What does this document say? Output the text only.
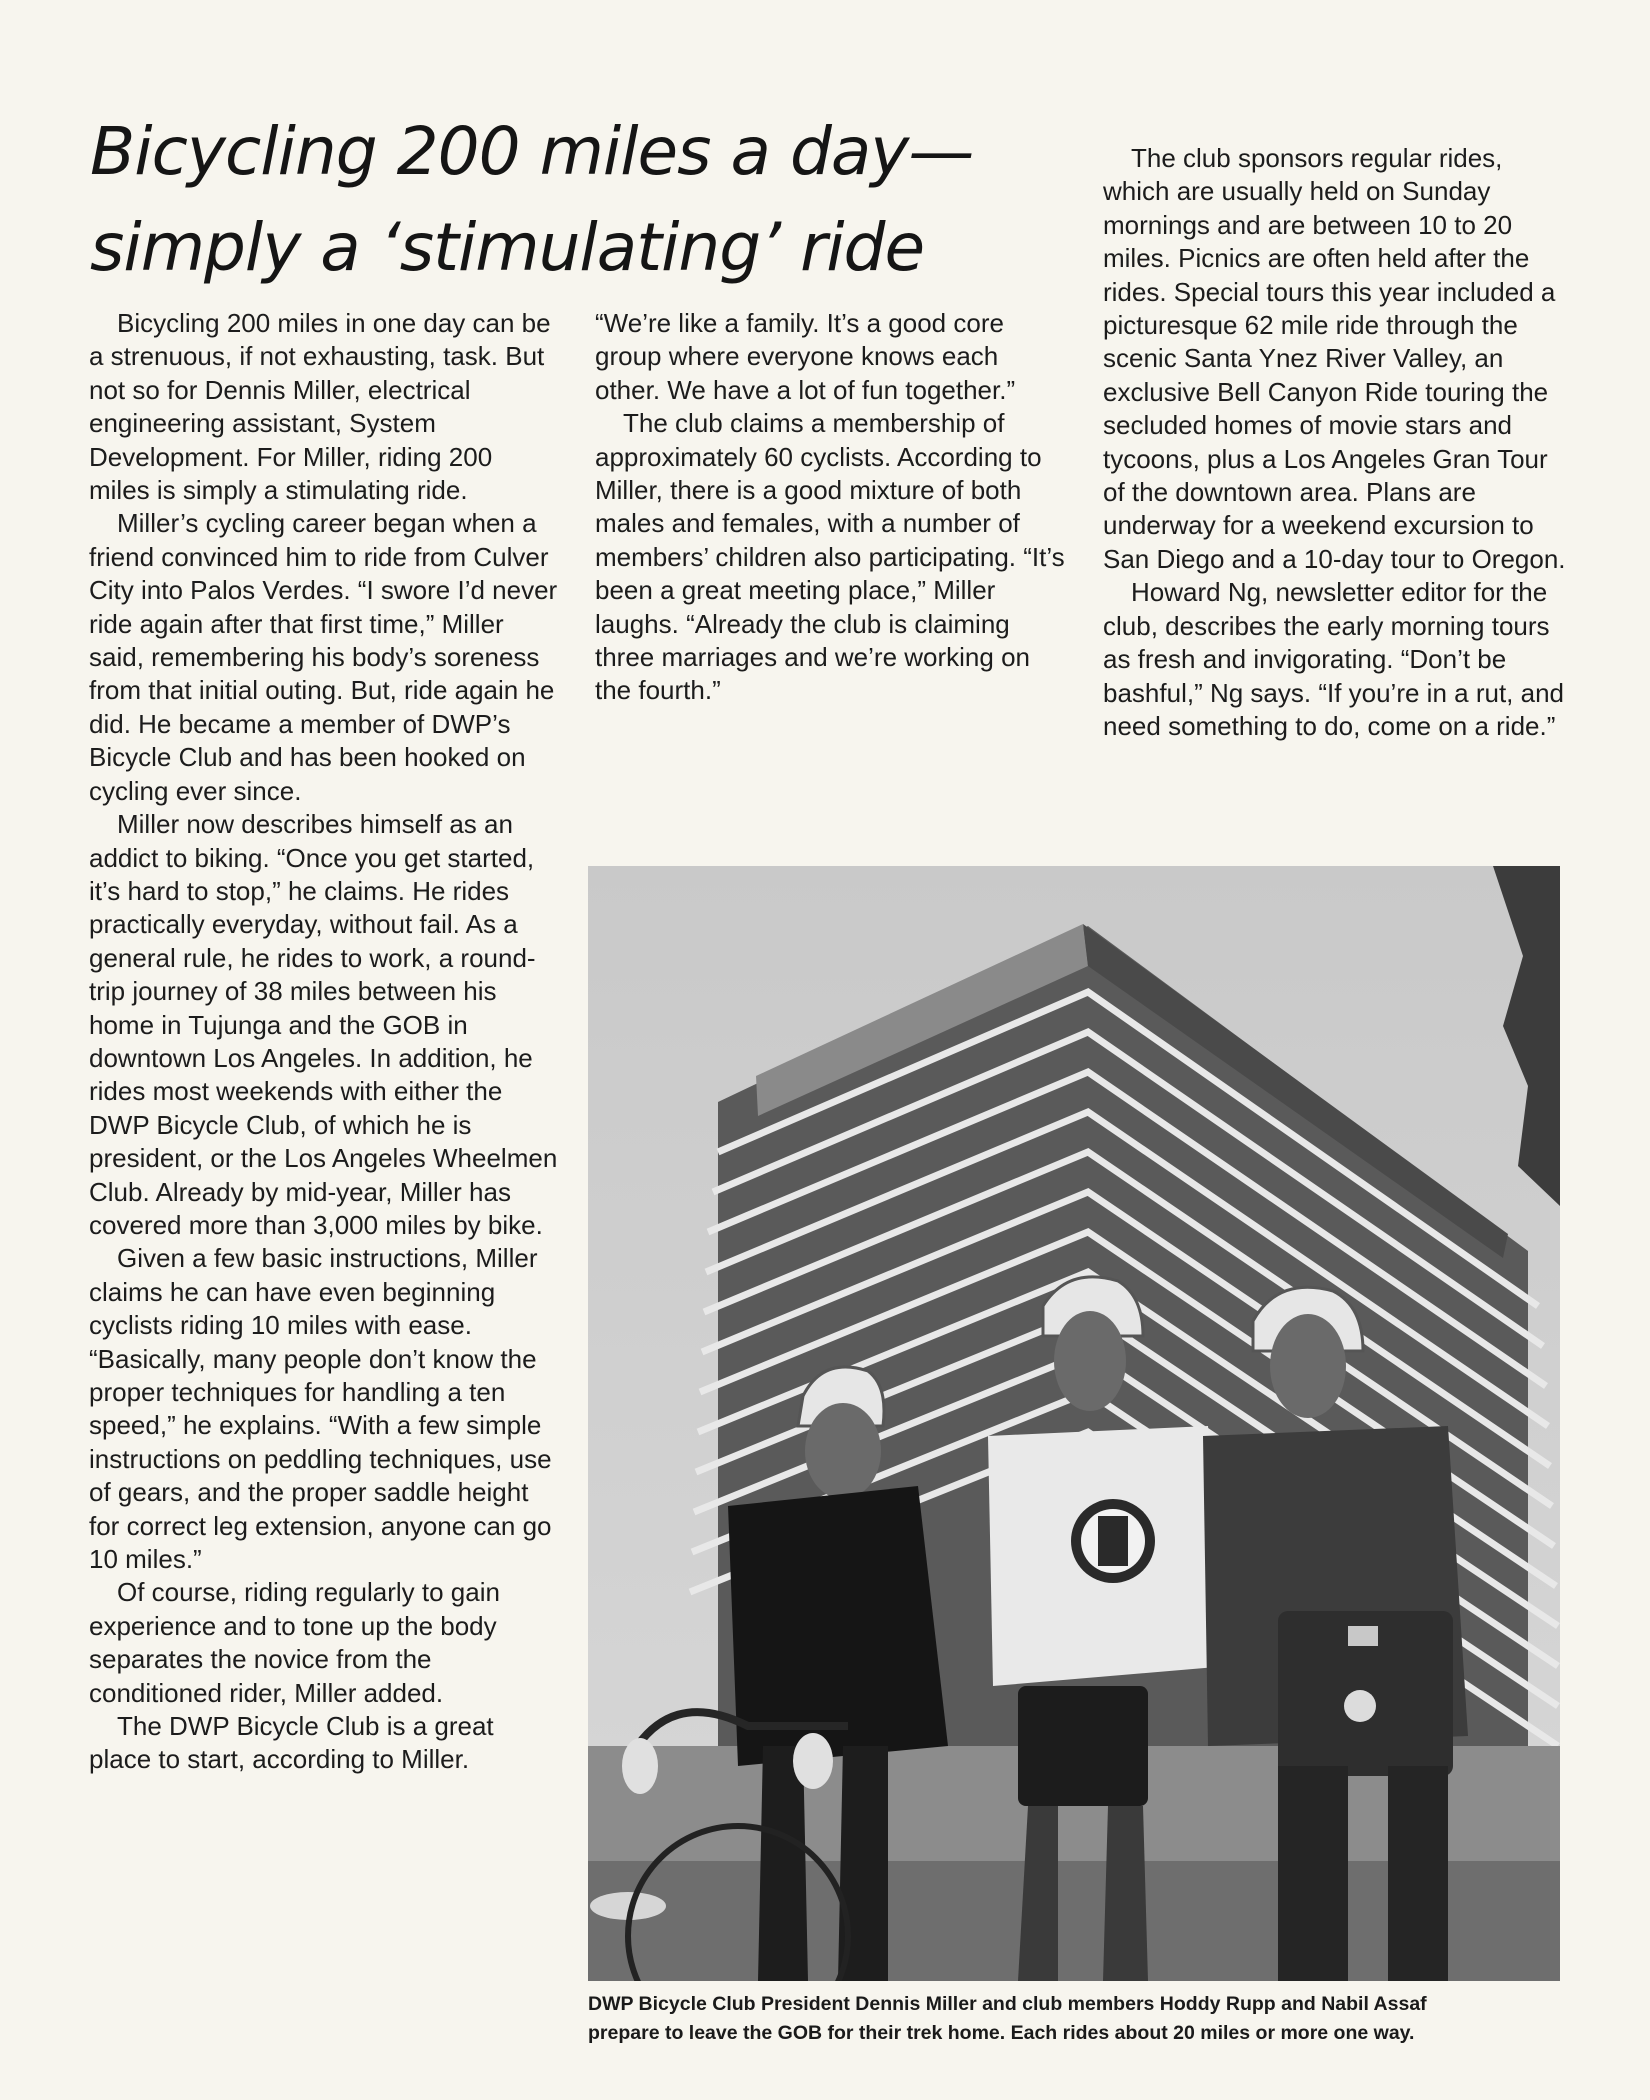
Bicycling 200 miles a day—
simply a ‘stimulating’ ride

Bicycling 200 miles in one day can be a strenuous, if not exhausting, task. But not so for Dennis Miller, electrical engineering assistant, System Development. For Miller, riding 200 miles is simply a stimulating ride.

Miller’s cycling career began when a friend convinced him to ride from Culver City into Palos Verdes. “I swore I’d never ride again after that first time,” Miller said, remembering his body’s soreness from that initial outing. But, ride again he did. He became a member of DWP’s Bicycle Club and has been hooked on cycling ever since.

Miller now describes himself as an addict to biking. “Once you get started, it’s hard to stop,” he claims. He rides practically everyday, without fail. As a general rule, he rides to work, a round-trip journey of 38 miles between his home in Tujunga and the GOB in downtown Los Angeles. In addition, he rides most weekends with either the DWP Bicycle Club, of which he is president, or the Los Angeles Wheelmen Club. Already by mid-year, Miller has covered more than 3,000 miles by bike.

Given a few basic instructions, Miller claims he can have even beginning cyclists riding 10 miles with ease. “Basically, many people don’t know the proper techniques for handling a ten speed,” he explains. “With a few simple instructions on peddling techniques, use of gears, and the proper saddle height for correct leg extension, anyone can go 10 miles.”

Of course, riding regularly to gain experience and to tone up the body separates the novice from the conditioned rider, Miller added.

The DWP Bicycle Club is a great place to start, according to Miller.

“We’re like a family. It’s a good core group where everyone knows each other. We have a lot of fun together.”

The club claims a membership of approximately 60 cyclists. According to Miller, there is a good mixture of both males and females, with a number of members’ children also participating. “It’s been a great meeting place,” Miller laughs. “Already the club is claiming three marriages and we’re working on the fourth.”

The club sponsors regular rides, which are usually held on Sunday mornings and are between 10 to 20 miles. Picnics are often held after the rides. Special tours this year included a picturesque 62 mile ride through the scenic Santa Ynez River Valley, an exclusive Bell Canyon Ride touring the secluded homes of movie stars and tycoons, plus a Los Angeles Gran Tour of the downtown area. Plans are underway for a weekend excursion to San Diego and a 10-day tour to Oregon.

Howard Ng, newsletter editor for the club, describes the early morning tours as fresh and invigorating. “Don’t be bashful,” Ng says. “If you’re in a rut, and need something to do, come on a ride.”

DWP Bicycle Club President Dennis Miller and club members Hoddy Rupp and Nabil Assaf
prepare to leave the GOB for their trek home. Each rides about 20 miles or more one way.
